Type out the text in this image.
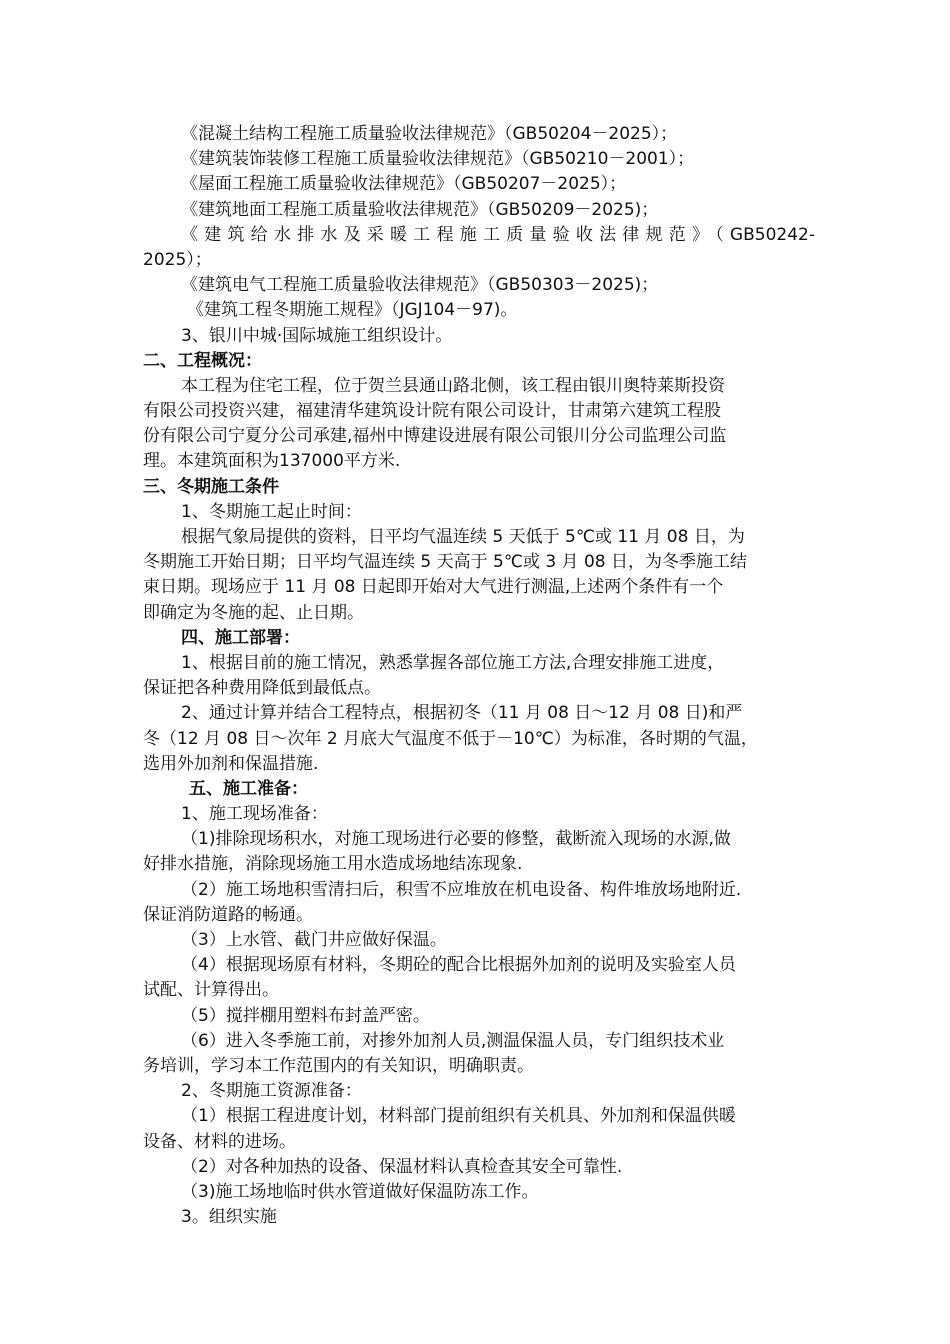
《混凝土结构工程施工质量验收法律规范》（GB50204－2025）；
《建筑装饰装修工程施工质量验收法律规范》（GB50210－2001）；
《屋面工程施工质量验收法律规范》（GB50207－2025）；
《建筑地面工程施工质量验收法律规范》（GB50209－2025)；
《建筑给水排水及采暖工程施工质量验收法律规范》（GB50242-
2025）；
《建筑电气工程施工质量验收法律规范》（GB50303－2025)；
《建筑工程冬期施工规程》（JGJ104－97)。
3、银川中城·国际城施工组织设计。
二、工程概况：
本工程为住宅工程，位于贺兰县通山路北侧，该工程由银川奥特莱斯投资
有限公司投资兴建，福建清华建筑设计院有限公司设计，甘肃第六建筑工程股
份有限公司宁夏分公司承建,福州中博建设进展有限公司银川分公司监理公司监
理。本建筑面积为137000平方米.
三、冬期施工条件
1、冬期施工起止时间：
根据气象局提供的资料，日平均气温连续 5 天低于 5℃或 11 月 08 日，为
冬期施工开始日期；日平均气温连续 5 天高于 5℃或 3 月 08 日，为冬季施工结
束日期。现场应于 11 月 08 日起即开始对大气进行测温,上述两个条件有一个
即确定为冬施的起、止日期。
四、施工部署：
1、根据目前的施工情况，熟悉掌握各部位施工方法,合理安排施工进度，
保证把各种费用降低到最低点。
2、通过计算并结合工程特点，根据初冬（11 月 08 日～12 月 08 日)和严
冬（12 月 08 日～次年 2 月底大气温度不低于－10℃）为标准，各时期的气温，
选用外加剂和保温措施.
五、施工准备：
1、施工现场准备：
（1)排除现场积水，对施工现场进行必要的修整，截断流入现场的水源,做
好排水措施，消除现场施工用水造成场地结冻现象.
（2）施工场地积雪清扫后，积雪不应堆放在机电设备、构件堆放场地附近.
保证消防道路的畅通。
（3）上水管、截门井应做好保温。
（4）根据现场原有材料，冬期砼的配合比根据外加剂的说明及实验室人员
试配、计算得出。
（5）搅拌棚用塑料布封盖严密。
（6）进入冬季施工前，对掺外加剂人员,测温保温人员，专门组织技术业
务培训，学习本工作范围内的有关知识，明确职责。
2、冬期施工资源准备：
（1）根据工程进度计划，材料部门提前组织有关机具、外加剂和保温供暖
设备、材料的进场。
（2）对各种加热的设备、保温材料认真检查其安全可靠性.
（3)施工场地临时供水管道做好保温防冻工作。
3。组织实施
